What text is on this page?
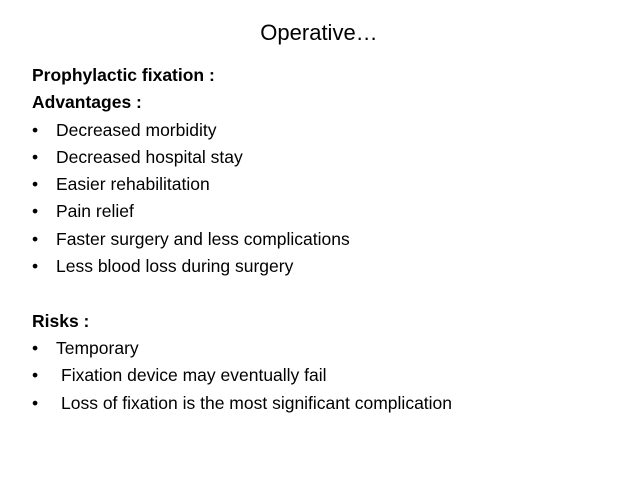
Operative…
Prophylactic fixation :
Advantages :
•	Decreased morbidity
•	Decreased hospital stay
•	Easier rehabilitation
•	Pain relief
•	Faster surgery and less complications
•	Less blood loss during surgery
Risks :
•	Temporary
•	Fixation device may eventually fail
•	Loss of fixation is the most significant complication
